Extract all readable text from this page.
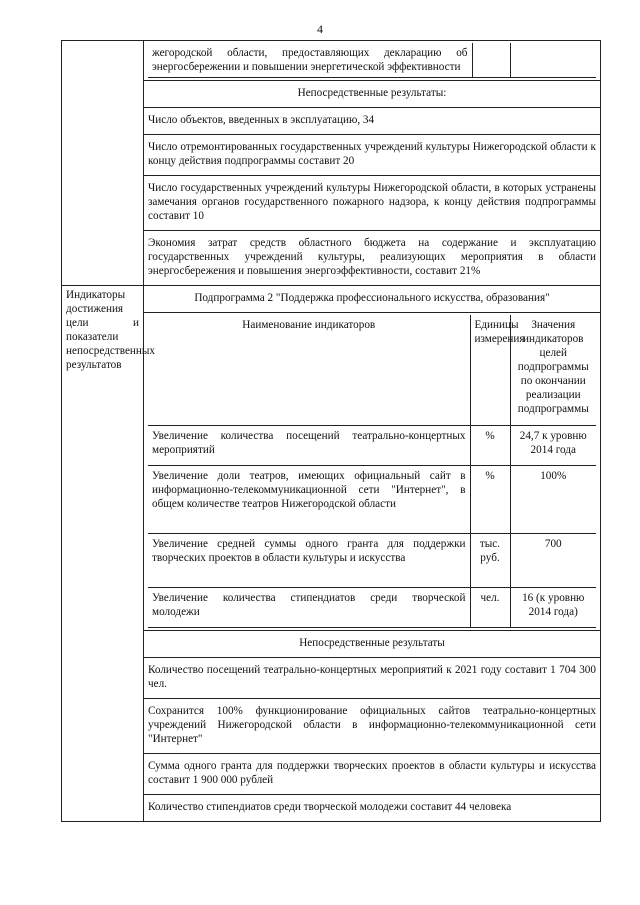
4

жегородской области, предоставляющих декларацию об энергосбережении и повышении энергетической эффективности		

Непосредственные результаты:
Число объектов, введенных в эксплуатацию, 34
Число отремонтированных государственных учреждений культуры Нижегородской области к концу действия подпрограммы составит 20
Число государственных учреждений культуры Нижегородской области, в которых устранены замечания органов государственного пожарного надзора, к концу действия подпрограммы составит 10
Экономия затрат средств областного бюджета на содержание и эксплуатацию государственных учреждений культуры, реализующих мероприятия в области энергосбережения и повышения энергоэффективности, составит 21%
Индикаторы достижения цели и показатели непосредственных результатов	Подпрограмма 2 "Поддержка профессионального искусства, образования"

Наименование индикаторов	Единицы измерения	Значения индикаторов целей подпрограммы по окончании реализации подпрограммы
Увеличение количества посещений театрально-концертных мероприятий	%	24,7 к уровню 2014 года
Увеличение доли театров, имеющих официальный сайт в информационно-телекоммуникационной сети "Интернет", в общем количестве театров Нижегородской области	%	100%
Увеличение средней суммы одного гранта для поддержки творческих проектов в области культуры и искусства	тыс. руб.	700
Увеличение количества стипендиатов среди творческой молодежи	чел.	16 (к уровню 2014 года)

Непосредственные результаты
Количество посещений театрально-концертных мероприятий к 2021 году составит 1 704 300 чел.
Сохранится 100% функционирование официальных сайтов театрально-концертных учреждений Нижегородской области в информационно-телекоммуникационной сети "Интернет"
Сумма одного гранта для поддержки творческих проектов в области культуры и искусства составит 1 900 000 рублей
Количество стипендиатов среди творческой молодежи составит 44 человека
